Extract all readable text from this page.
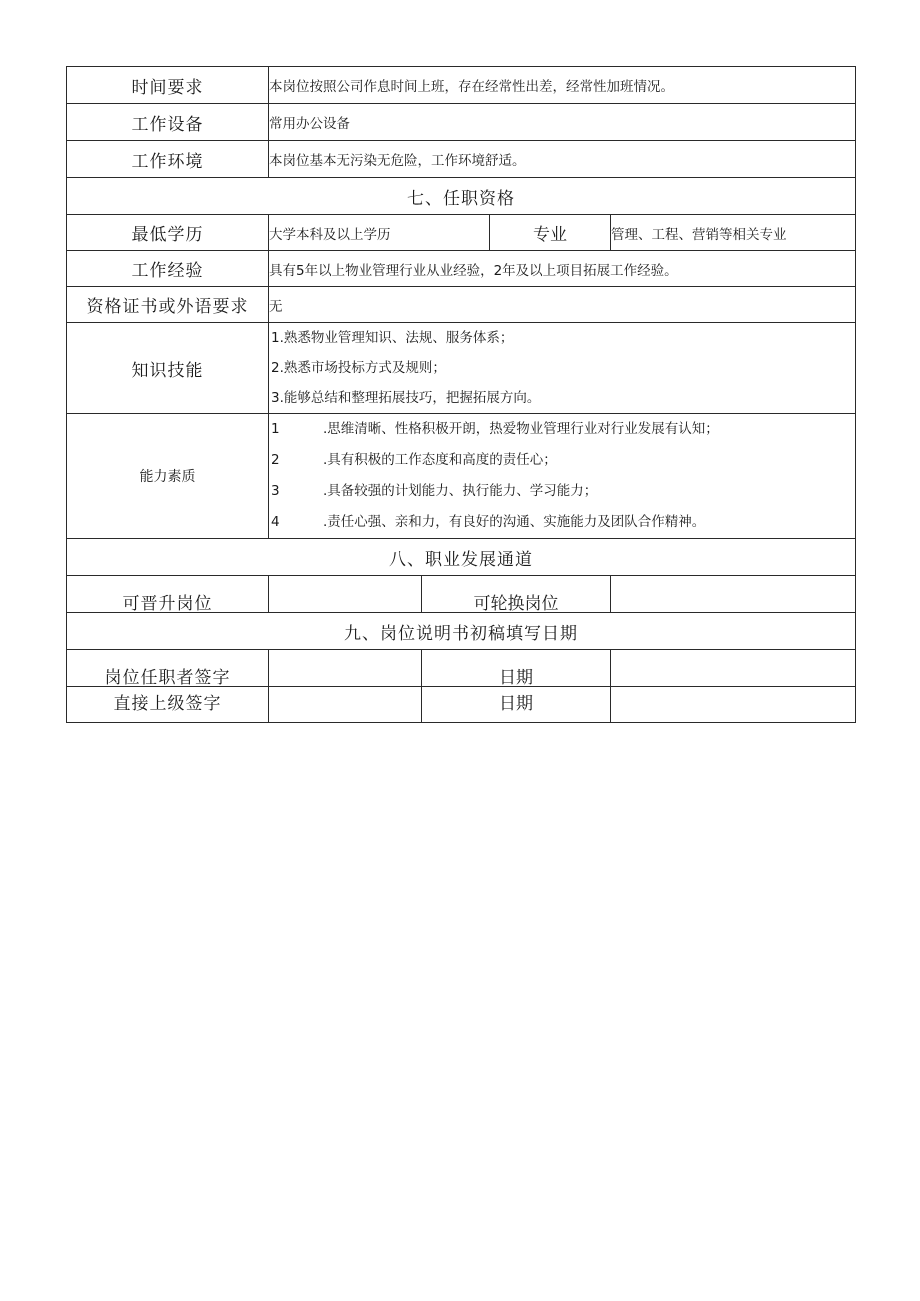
时间要求	本岗位按照公司作息时间上班，存在经常性出差，经常性加班情况。			
工作设备	常用办公设备			
工作环境	本岗位基本无污染无危险，工作环境舒适。			
七、任职资格				
最低学历	大学本科及以上学历		专业	管理、工程、营销等相关专业
工作经验	具有5年以上物业管理行业从业经验，2年及以上项目拓展工作经验。			
资格证书或外语要求	无			
知识技能	1.熟悉物业管理知识、法规、服务体系；
2.熟悉市场投标方式及规则；
3.能够总结和整理拓展技巧，把握拓展方向。			

能力素质	1 .思维清晰、性格积极开朗，热爱物业管理行业对行业发展有认知；
2 .具有积极的工作态度和高度的责任心；
3 .具备较强的计划能力、执行能力、学习能力；
4 .责任心强、亲和力，有良好的沟通、实施能力及团队合作精神。			

八、职业发展通道				
可晋升岗位		可轮换岗位		
九、岗位说明书初稿填写日期				
岗位任职者签字		日期		
直接上级签字		日期		
